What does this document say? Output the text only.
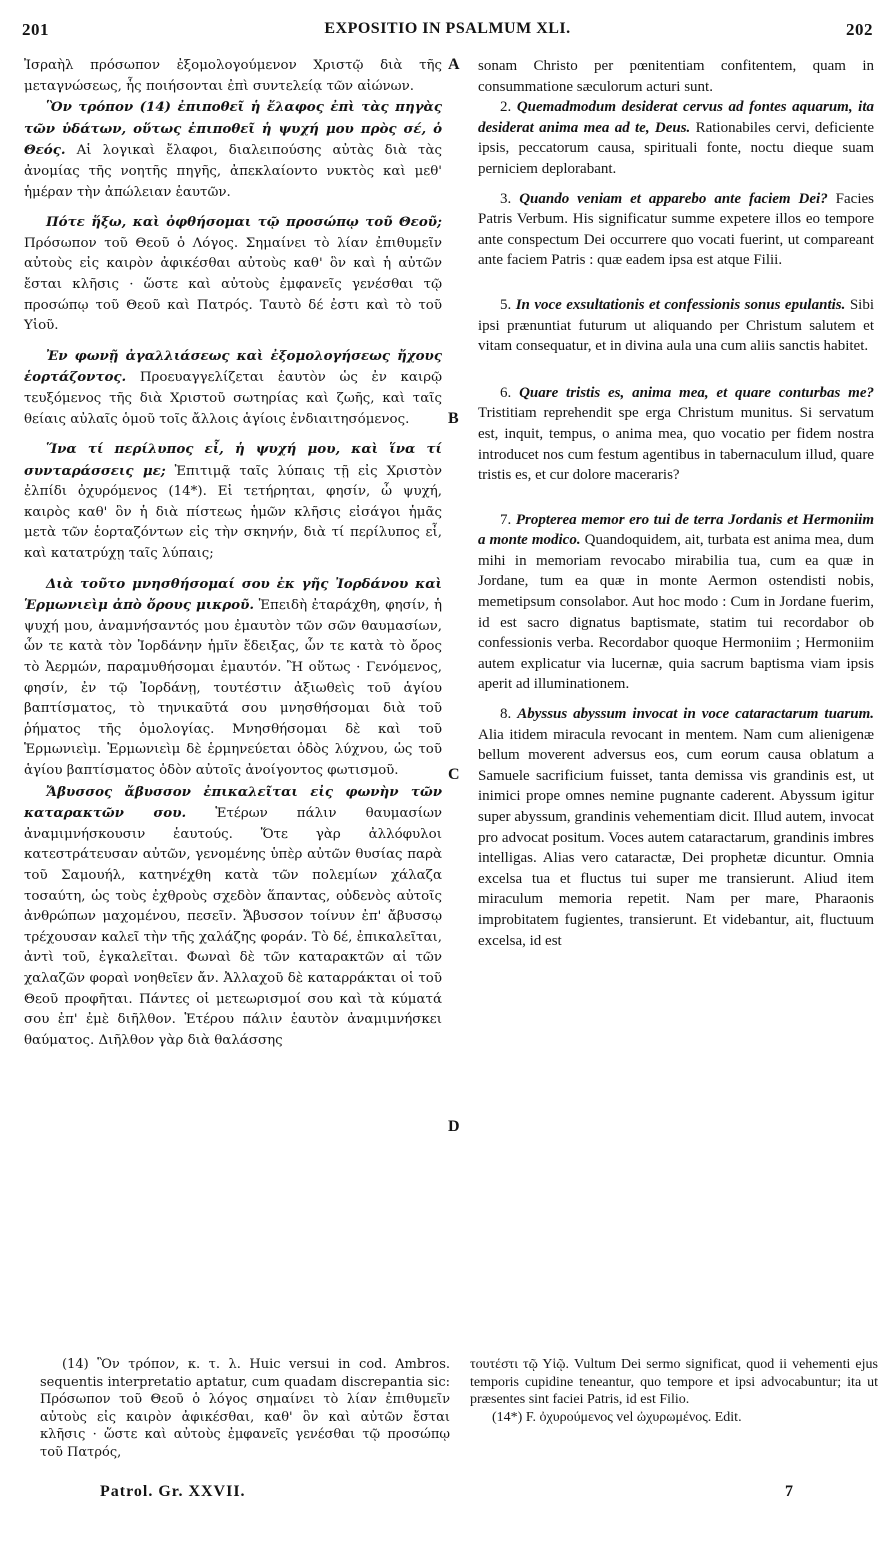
201	EXPOSITIO IN PSALMUM XLI.	202

Ἰσραὴλ πρόσωπον ἐξομολογούμενον Χριστῷ διὰ τῆς μεταγνώσεως, ἧς ποιήσονται ἐπὶ συντελείᾳ τῶν αἰώνων.

Ὃν τρόπον (14) ἐπιποθεῖ ἡ ἔλαφος ἐπὶ τὰς πηγὰς τῶν ὑδάτων, οὕτως ἐπιποθεῖ ἡ ψυχή μου πρὸς σέ, ὁ Θεός. Αἱ λογικαὶ ἔλαφοι, διαλειπούσης αὐτὰς διὰ τὰς ἀνομίας τῆς νοητῆς πηγῆς, ἀπεκλαίοντο νυκτὸς καὶ μεθ' ἡμέραν τὴν ἀπώλειαν ἑαυτῶν.

Πότε ἥξω, καὶ ὀφθήσομαι τῷ προσώπῳ τοῦ Θεοῦ; Πρόσωπον τοῦ Θεοῦ ὁ Λόγος. Σημαίνει τὸ λίαν ἐπιθυμεῖν αὐτοὺς εἰς καιρὸν ἀφικέσθαι αὐτοὺς καθ' ὃν καὶ ἡ αὐτῶν ἔσται κλῆσις · ὥστε καὶ αὐτοὺς ἐμφανεῖς γενέσθαι τῷ προσώπῳ τοῦ Θεοῦ καὶ Πατρός. Ταυτὸ δέ ἐστι καὶ τὸ τοῦ Υἱοῦ.

Ἐν φωνῇ ἀγαλλιάσεως καὶ ἐξομολογήσεως ἤχους ἑορτάζοντος. Προευαγγελίζεται ἑαυτὸν ὡς ἐν καιρῷ τευξόμενος τῆς διὰ Χριστοῦ σωτηρίας καὶ ζωῆς, καὶ ταῖς θείαις αὐλαῖς ὁμοῦ τοῖς ἄλλοις ἁγίοις ἐνδιαιτησόμενος.

Ἵνα τί περίλυπος εἶ, ἡ ψυχή μου, καὶ ἵνα τί συνταράσσεις με; Ἐπιτιμᾷ ταῖς λύπαις τῇ εἰς Χριστὸν ἐλπίδι ὀχυρόμενος (14*). Εἰ τετήρηται, φησίν, ὦ ψυχή, καιρὸς καθ' ὃν ἡ διὰ πίστεως ἡμῶν κλῆσις εἰσάγοι ἡμᾶς μετὰ τῶν ἑορταζόντων εἰς τὴν σκηνήν, διὰ τί περίλυπος εἶ, καὶ κατατρύχῃ ταῖς λύπαις;

Διὰ τοῦτο μνησθήσομαί σου ἐκ γῆς Ἰορδάνου καὶ Ἑρμωνιεὶμ ἀπὸ ὄρους μικροῦ. Ἐπειδὴ ἐταράχθη, φησίν, ἡ ψυχή μου, ἀναμνήσαντός μου ἐμαυτὸν τῶν σῶν θαυμασίων, ὧν τε κατὰ τὸν Ἰορδάνην ἡμῖν ἔδειξας, ὧν τε κατὰ τὸ ὄρος τὸ Ἀερμών, παραμυθήσομαι ἐμαυτόν. Ἢ οὕτως · Γενόμενος, φησίν, ἐν τῷ Ἰορδάνῃ, τουτέστιν ἀξιωθεὶς τοῦ ἁγίου βαπτίσματος, τὸ τηνικαῦτά σου μνησθήσομαι διὰ τοῦ ῥήματος τῆς ὁμολογίας. Μνησθήσομαι δὲ καὶ τοῦ Ἑρμωνιεὶμ. Ἑρμωνιεὶμ δὲ ἑρμηνεύεται ὁδὸς λύχνου, ὡς τοῦ ἁγίου βαπτίσματος ὁδὸν αὐτοῖς ἀνοίγοντος φωτισμοῦ.

Ἄβυσσος ἄβυσσον ἐπικαλεῖται εἰς φωνὴν τῶν καταρακτῶν σου. Ἑτέρων πάλιν θαυμασίων ἀναμιμνήσκουσιν ἑαυτούς. Ὅτε γὰρ ἀλλόφυλοι κατεστράτευσαν αὐτῶν, γενομένης ὑπὲρ αὐτῶν θυσίας παρὰ τοῦ Σαμουήλ, κατηνέχθη κατὰ τῶν πολεμίων χάλαζα τοσαύτη, ὡς τοὺς ἐχθροὺς σχεδὸν ἅπαντας, οὐδενὸς αὐτοῖς ἀνθρώπων μαχομένου, πεσεῖν. Ἄβυσσον τοίνυν ἐπ' ἄβυσσῳ τρέχουσαν καλεῖ τὴν τῆς χαλάζης φοράν. Τὸ δέ, ἐπικαλεῖται, ἀντὶ τοῦ, ἐγκαλεῖται. Φωναὶ δὲ τῶν καταρακτῶν αἱ τῶν χαλαζῶν φοραὶ νοηθεῖεν ἄν. Ἀλλαχοῦ δὲ καταρράκται οἱ τοῦ Θεοῦ προφῆται. Πάντες οἱ μετεωρισμοί σου καὶ τὰ κύματά σου ἐπ' ἐμὲ διῆλθον. Ἑτέρου πάλιν ἑαυτὸν ἀναμιμνήσκει θαύματος. Διῆλθον γὰρ διὰ θαλάσσης

A
B
C
D

sonam Christo per pœnitentiam confitentem, quam in consummatione sæculorum acturi sunt.

2. Quemadmodum desiderat cervus ad fontes aquarum, ita desiderat anima mea ad te, Deus. Rationabiles cervi, deficiente ipsis, peccatorum causa, spirituali fonte, noctu dieque suam perniciem deplorabant.

3. Quando veniam et apparebo ante faciem Dei? Facies Patris Verbum. His significatur summe expetere illos eo tempore ante conspectum Dei occurrere quo vocati fuerint, ut compareant ante faciem Patris : quæ eadem ipsa est atque Filii.

5. In voce exsultationis et confessionis sonus epulantis. Sibi ipsi prænuntiat futurum ut aliquando per Christum salutem et vitam consequatur, et in divina aula una cum aliis sanctis habitet.

6. Quare tristis es, anima mea, et quare conturbas me? Tristitiam reprehendit spe erga Christum munitus. Si servatum est, inquit, tempus, o anima mea, quo vocatio per fidem nostra introducet nos cum festum agentibus in tabernaculum illud, quare tristis es, et cur dolore maceraris?

7. Propterea memor ero tui de terra Jordanis et Hermoniim a monte modico. Quandoquidem, ait, turbata est anima mea, dum mihi in memoriam revocabo mirabilia tua, cum ea quæ in Jordane, tum ea quæ in monte Aermon ostendisti nobis, memetipsum consolabor. Aut hoc modo : Cum in Jordane fuerim, id est sacro dignatus baptismate, statim tui recordabor ob confessionis verba. Recordabor quoque Hermoniim ; Hermoniim autem explicatur via lucernæ, quia sacrum baptisma viam ipsis aperit ad illuminationem.

8. Abyssus abyssum invocat in voce cataractarum tuarum. Alia itidem miracula revocant in mentem. Nam cum alienigenæ bellum moverent adversus eos, cum eorum causa oblatum a Samuele sacrificium fuisset, tanta demissa vis grandinis est, ut inimici prope omnes nemine pugnante caderent. Abyssum igitur super abyssum, grandinis vehementiam dicit. Illud autem, invocat pro advocat positum. Voces autem cataractarum, grandinis imbres intelligas. Alias vero cataractæ, Dei prophetæ dicuntur. Omnia excelsa tua et fluctus tui super me transierunt. Aliud item miraculum memoria repetit. Nam per mare, Pharaonis improbitatem fugientes, transierunt. Et videbantur, ait, fluctuum excelsa, id est

(14) Ὃν τρόπον, κ. τ. λ. Huic versui in cod. Ambros. sequentis interpretatio aptatur, cum quadam discrepantia sic: Πρόσωπον τοῦ Θεοῦ ὁ λόγος σημαίνει τὸ λίαν ἐπιθυμεῖν αὐτοὺς εἰς καιρὸν ἀφικέσθαι, καθ' ὃν καὶ αὐτῶν ἔσται κλῆσις · ὥστε καὶ αὐτοὺς ἐμφανεῖς γενέσθαι τῷ προσώπῳ τοῦ Πατρός,

τουτέστι τῷ Υἱῷ. Vultum Dei sermo significat, quod ii vehementi ejus temporis cupidine teneantur, quo tempore et ipsi advocabuntur; ita ut præsentes sint faciei Patris, id est Filio.

(14*) F. ὀχυρούμενος vel ὠχυρωμένος. Edit.

Patrol. Gr. XXVII.	7
